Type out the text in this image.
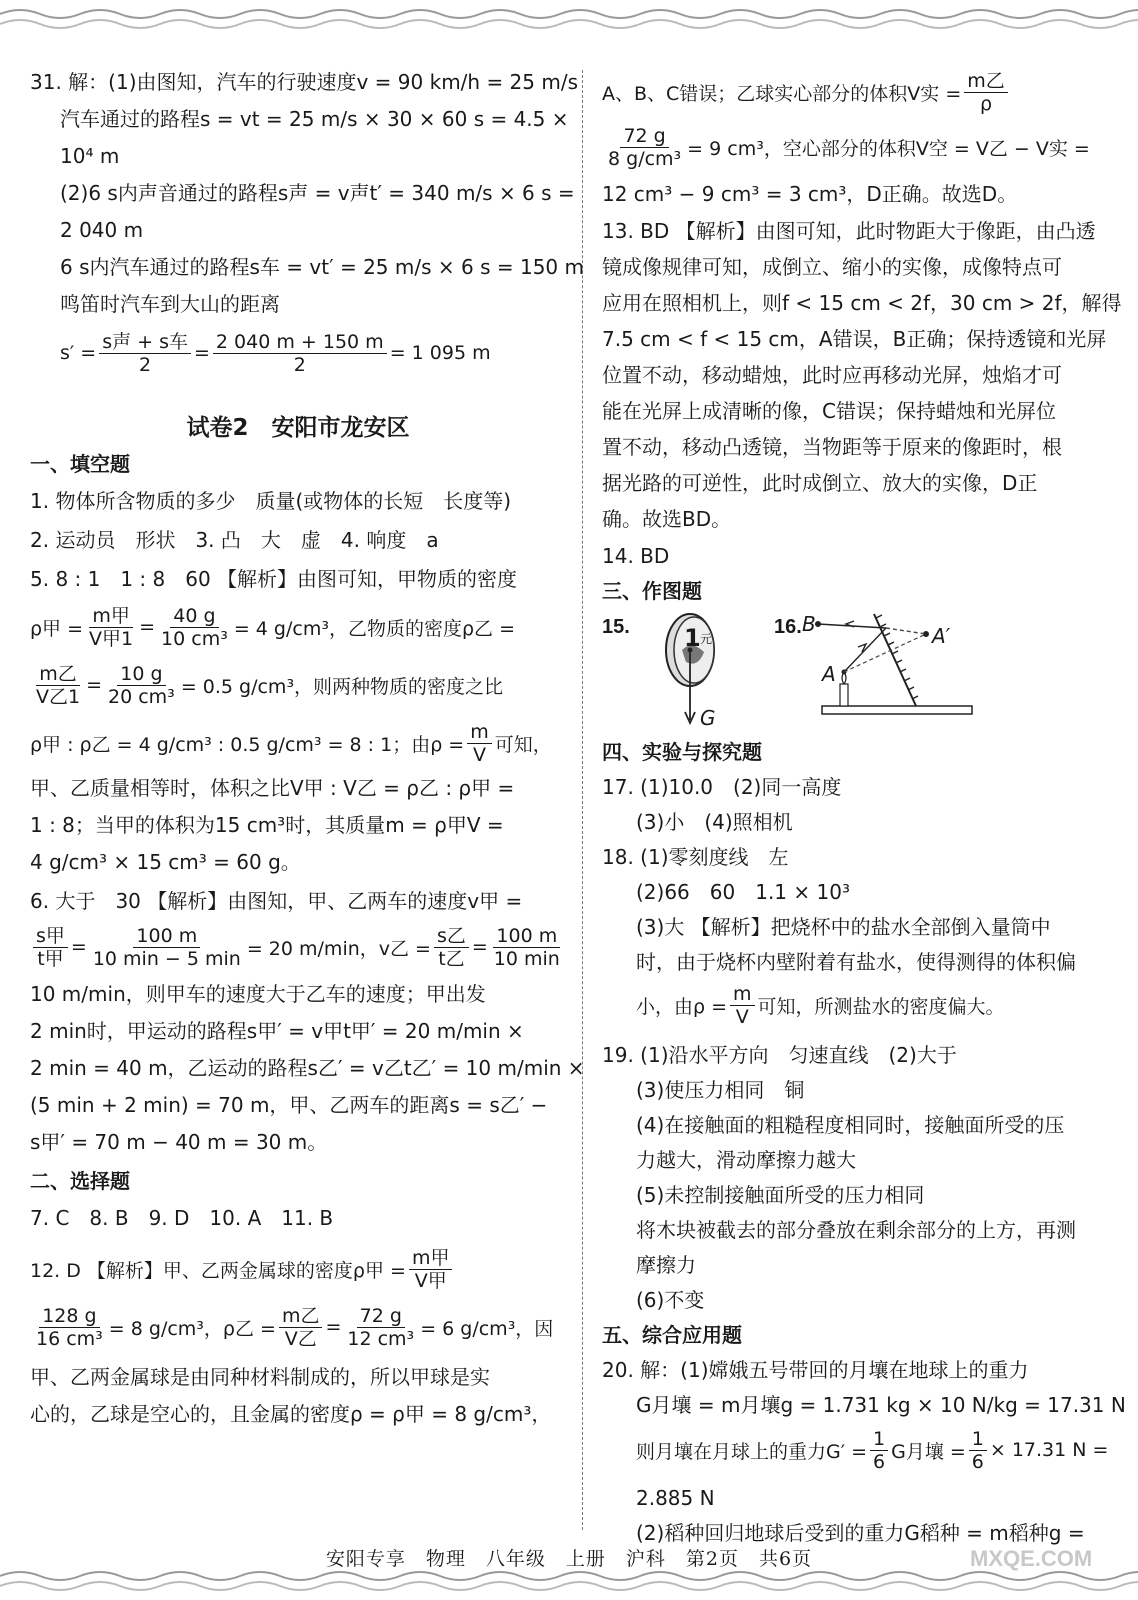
31. 解：(1)由图知，汽车的行驶速度v = 90 km/h = 25 m/s
汽车通过的路程s = vt = 25 m/s × 30 × 60 s = 4.5 ×
10⁴ m
(2)6 s内声音通过的路程s声 = v声t′ = 340 m/s × 6 s =
2 040 m
6 s内汽车通过的路程s车 = vt′ = 25 m/s × 6 s = 150 m
鸣笛时汽车到大山的距离
s′ =
s声 + s车
2
= $\frac{2 040 m + 150 m}{2} = 1$ 095 m
试卷2　安阳市龙安区
一、填空题
1. 物体所含物质的多少　质量(或物体的长短　长度等)
2. 运动员　形状　3. 凸　大　虚　4. 响度　a
5. 8 : 1　1 : 8　60 【解析】由图可知，甲物质的密度
ρ甲 =
m甲
V甲1
= $\frac{40 g}{\text{10 cm³}} = 4$ g/cm³，乙物质的密度ρ乙 =
m乙
V乙1
= $\frac{10 g}{\text{20 cm³}} = 0.5$ g/cm³，则两种物质的密度之比
ρ甲 : ρ乙 = 4 g/cm³ : 0.5 g/cm³ = 8 : 1；由$\rho = \frac{m}{V}$ 可知，
甲、乙质量相等时，体积之比V甲 : V乙 = ρ乙 : ρ甲 =
1 : 8；当甲的体积为15 cm³时，其质量m = ρ甲V =
4 g/cm³ × 15 cm³ = 60 g。
6. 大于　30 【解析】由图知，甲、乙两车的速度v甲 =
s甲
t甲
=
100 m
10 min − 5 min = 20 m/min，v乙 =
s乙
t乙
=
100 m
10 min
10 m/min，则甲车的速度大于乙车的速度；甲出发
2 min时，甲运动的路程s甲′ = v甲t甲′ = 20 m/min ×
2 min = 40 m，乙运动的路程s乙′ = v乙t乙′ = 10 m/min ×
(5 min + 2 min) = 70 m，甲、乙两车的距离s = s乙′ −
s甲′ = 70 m − 40 m = 30 m。
二、选择题
7. C　8. B　9. D　10. A　11. B
12. D 【解析】甲、乙两金属球的密度ρ甲 =
m甲
V甲
$\frac{128 g}{\text{16 cm³}} = 8$ g/cm³，ρ乙 =
m乙
V乙
= $\frac{72 g}{\text{12 cm³}} = 6$ g/cm³，因
甲、乙两金属球是由同种材料制成的，所以甲球是实
心的，乙球是空心的，且金属的密度ρ = ρ甲 = 8 g/cm³，
A、B、C错误；乙球实心部分的体积V实 =
m乙
ρ
$\frac{72 g}{\text{8 g/cm³}} = 9$ cm³，空心部分的体积V空 = V乙 − V实 =
12 cm³ − 9 cm³ = 3 cm³，D正确。故选D。
13. BD 【解析】由图可知，此时物距大于像距，由凸透
镜成像规律可知，成倒立、缩小的实像，成像特点可
应用在照相机上，则f < 15 cm < 2f，30 cm > 2f，解得
7.5 cm < f < 15 cm，A错误，B正确；保持透镜和光屏
位置不动，移动蜡烛，此时应再移动光屏，烛焰才可
能在光屏上成清晰的像，C错误；保持蜡烛和光屏位
置不动，移动凸透镜，当物距等于原来的像距时，根
据光路的可逆性，此时成倒立、放大的实像，D正
确。故选BD。
14. BD
三、作图题
15. 1 元
G
16. B	A′
A
四、实验与探究题
17. (1)10.0　(2)同一高度
(3)小　(4)照相机
18. (1)零刻度线　左
(2)66　60　1.1 × 10³
(3)大 【解析】把烧杯中的盐水全部倒入量筒中
时，由于烧杯内壁附着有盐水，使得测得的体积偏
小，由$\rho = \frac{m}{V}$ 可知，所测盐水的密度偏大。
19. (1)沿水平方向　匀速直线　(2)大于
(3)使压力相同　铜
(4)在接触面的粗糙程度相同时，接触面所受的压
力越大，滑动摩擦力越大
(5)未控制接触面所受的压力相同
将木块被截去的部分叠放在剩余部分的上方，再测
摩擦力
(6)不变
五、综合应用题
20. 解：(1)嫦娥五号带回的月壤在地球上的重力
G月壤 = m月壤g = 1.731 kg × 10 N/kg = 17.31 N
则月壤在月球上的重力$G' = \frac{1}{6}$ G月壤 = $\frac{1}{6} \times 17.31$ N =
2.885 N
(2)稻种回归地球后受到的重力G稻种 = m稻种g =
安阳专享　物理　八年级　上册　沪科　第2页　共6页	MXQE.COM
